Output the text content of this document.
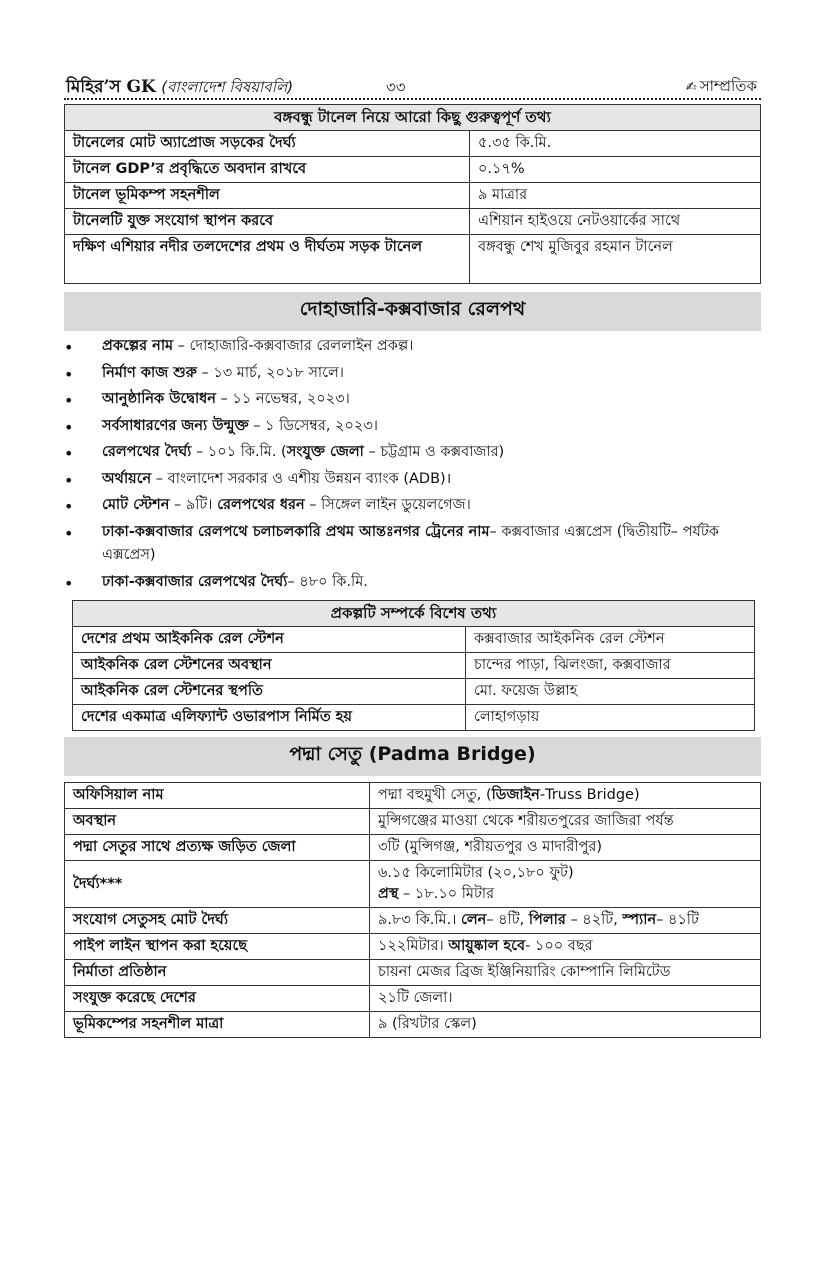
মিহির’স GK (বাংলাদেশ বিষয়াবলি)	৩৩	✍ সাম্প্রতিক
বঙ্গবন্ধু টানেল নিয়ে আরো কিছু গুরুত্বপূর্ণ তথ্য	
টানেলের মোট অ্যাপ্রোজ সড়কের দৈর্ঘ্য	৫.৩৫ কি.মি.
টানেল GDP’র প্রবৃদ্ধিতে অবদান রাখবে	০.১৭%
টানেল ভূমিকম্প সহনশীল	৯ মাত্রার
টানেলটি যুক্ত সংযোগ স্থাপন করবে	এশিয়ান হাইওয়ে নেটওয়ার্কের সাথে
দক্ষিণ এশিয়ার নদীর তলদেশের প্রথম ও দীর্ঘতম সড়ক টানেল	বঙ্গবন্ধু শেখ মুজিবুর রহমান টানেল
দোহাজারি-কক্সবাজার রেলপথ
• প্রকল্পের নাম – দোহাজারি-কক্সবাজার রেললাইন প্রকল্প।
• নির্মাণ কাজ শুরু – ১৩ মার্চ, ২০১৮ সালে।
• আনুষ্ঠানিক উদ্বোধন – ১১ নভেম্বর, ২০২৩।
• সর্বসাধারণের জন্য উন্মুক্ত – ১ ডিসেম্বর, ২০২৩।
• রেলপথের দৈর্ঘ্য – ১০১ কি.মি. (সংযুক্ত জেলা – চট্টগ্রাম ও কক্সবাজার)
• অর্থায়নে – বাংলাদেশ সরকার ও এশীয় উন্নয়ন ব্যাংক (ADB)।
• মোট স্টেশন – ৯টি। রেলপথের ধরন – সিঙ্গেল লাইন ডুয়েলগেজ।
• ঢাকা-কক্সবাজার রেলপথে চলাচলকারি প্রথম আন্তঃনগর ট্রেনের নাম– কক্সবাজার এক্সপ্রেস (দ্বিতীয়টি– পর্যটক এক্সপ্রেস)
• ঢাকা-কক্সবাজার রেলপথের দৈর্ঘ্য– ৪৮০ কি.মি.
প্রকল্পটি সম্পর্কে বিশেষ তথ্য	
দেশের প্রথম আইকনিক রেল স্টেশন	কক্সবাজার আইকনিক রেল স্টেশন
আইকনিক রেল স্টেশনের অবস্থান	চান্দের পাড়া, ঝিলংজা, কক্সবাজার
আইকনিক রেল স্টেশনের স্থপতি	মো. ফয়েজ উল্লাহ
দেশের একমাত্র এলিফ্যান্ট ওভারপাস নির্মিত হয়	লোহাগড়ায়
পদ্মা সেতু (Padma Bridge)
অফিসিয়াল নাম	পদ্মা বহুমুখী সেতু, (ডিজাইন-Truss Bridge)
অবস্থান	মুন্সিগঞ্জের মাওয়া থেকে শরীয়তপুরের জাজিরা পর্যন্ত
পদ্মা সেতুর সাথে প্রত্যক্ষ জড়িত জেলা	৩টি (মুন্সিগঞ্জ, শরীয়তপুর ও মাদারীপুর)
দৈর্ঘ্য***	৬.১৫ কিলোমিটার (২০,১৮০ ফুট)
প্রস্থ – ১৮.১০ মিটার
সংযোগ সেতুসহ মোট দৈর্ঘ্য	৯.৮৩ কি.মি.। লেন– ৪টি, পিলার – ৪২টি, স্প্যান– ৪১টি
পাইপ লাইন স্থাপন করা হয়েছে	১২২মিটার। আয়ুষ্কাল হবে- ১০০ বছর
নির্মাতা প্রতিষ্ঠান	চায়না মেজর ব্রিজ ইঞ্জিনিয়ারিং কোম্পানি লিমিটেড
সংযুক্ত করেছে দেশের	২১টি জেলা।
ভূমিকম্পের সহনশীল মাত্রা	৯ (রিখটার স্কেল)
